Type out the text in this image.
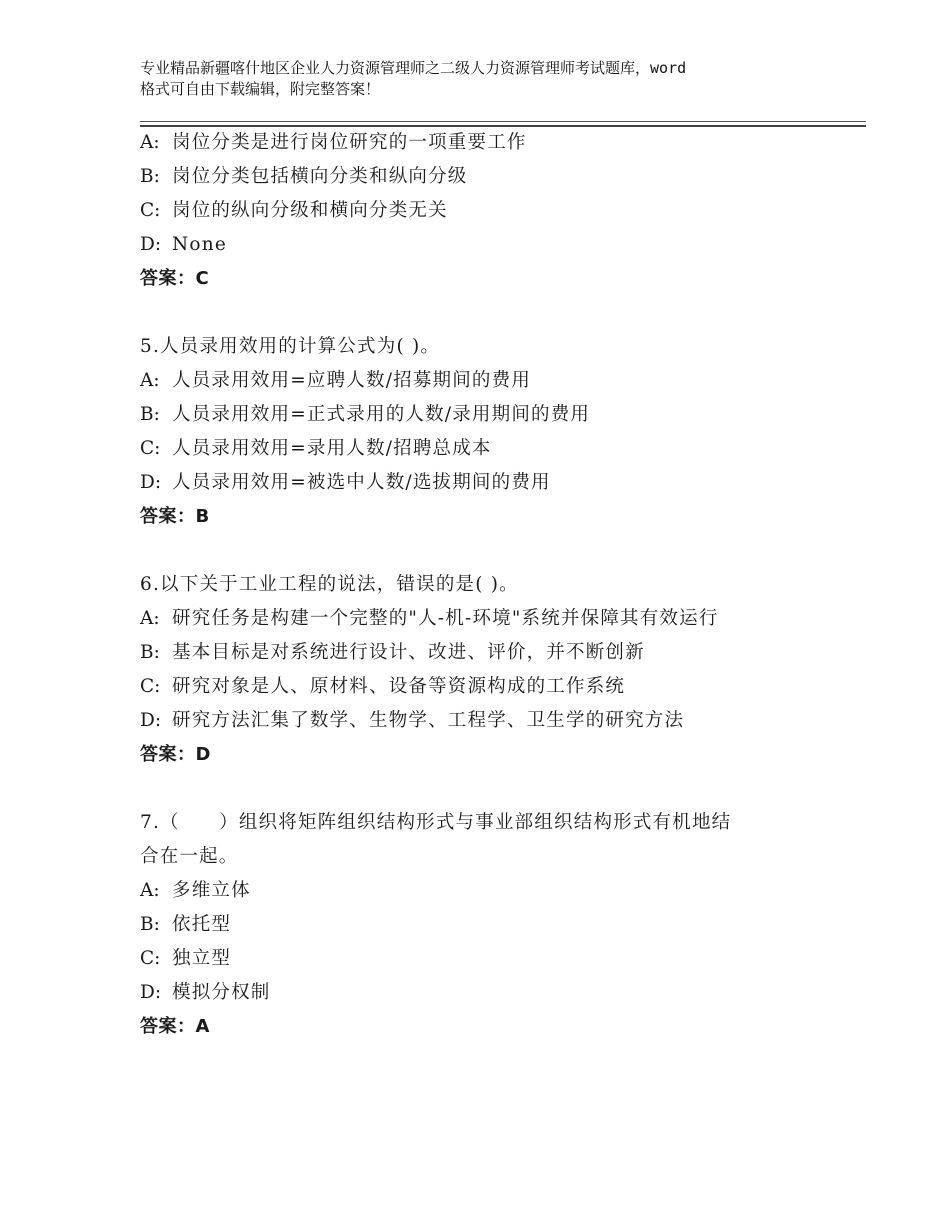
专业精品新疆喀什地区企业人力资源管理师之二级人力资源管理师考试题库，word
格式可自由下载编辑，附完整答案！
A: 岗位分类是进行岗位研究的一项重要工作
B: 岗位分类包括横向分类和纵向分级
C: 岗位的纵向分级和横向分类无关
D: None
答案：C
5.人员录用效用的计算公式为( )。
A: 人员录用效用=应聘人数/招募期间的费用
B: 人员录用效用=正式录用的人数/录用期间的费用
C: 人员录用效用=录用人数/招聘总成本
D: 人员录用效用=被选中人数/选拔期间的费用
答案：B
6.以下关于工业工程的说法，错误的是( )。
A: 研究任务是构建一个完整的"人-机-环境"系统并保障其有效运行
B: 基本目标是对系统进行设计、改进、评价，并不断创新
C: 研究对象是人、原材料、设备等资源构成的工作系统
D: 研究方法汇集了数学、生物学、工程学、卫生学的研究方法
答案：D
7.（　　）组织将矩阵组织结构形式与事业部组织结构形式有机地结
合在一起。
A: 多维立体
B: 依托型
C: 独立型
D: 模拟分权制
答案：A
